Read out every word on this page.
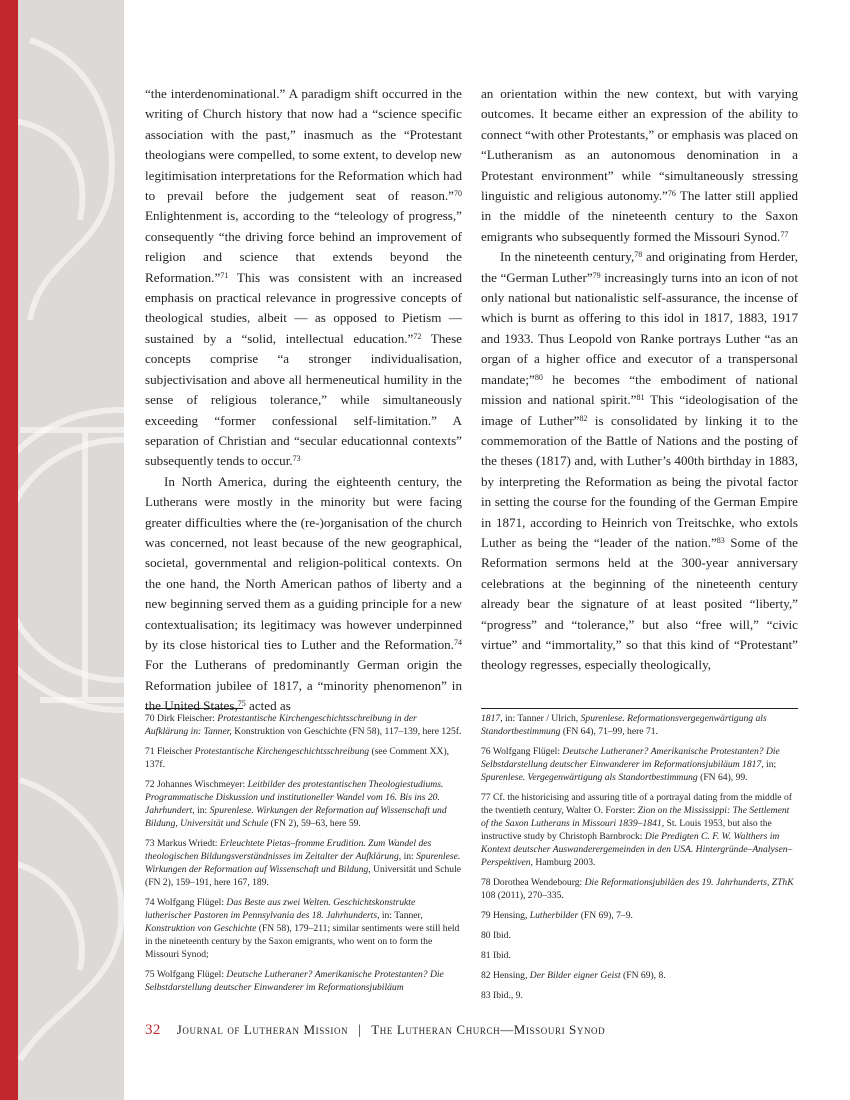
“the interdenominational.” A paradigm shift occurred in the writing of Church history that now had a “science specific association with the past,” inasmuch as the “Protestant theologians were compelled, to some extent, to develop new legitimisation interpretations for the Reformation which had to prevail before the judgement seat of reason.”$^{70}$ Enlightenment is, according to the “teleology of progress,” consequently “the driving force behind an improvement of religion and science that extends beyond the Reformation.”$^{71}$ This was consistent with an increased emphasis on practical relevance in progressive concepts of theological studies, albeit — as opposed to Pietism — sustained by a “solid, intellectual education.”$^{72}$ These concepts comprise “a stronger individualisation, subjectivisation and above all hermeneutical humility in the sense of religious tolerance,” while simultaneously exceeding “former confessional self-limitation.” A separation of Christian and “secular educationnal contexts” subsequently tends to occur.$^{73}$

In North America, during the eighteenth century, the Lutherans were mostly in the minority but were facing greater difficulties where the (re-)organisation of the church was concerned, not least because of the new geographical, societal, governmental and religion-political contexts. On the one hand, the North American pathos of liberty and a new beginning served them as a guiding principle for a new contextualisation; its legitimacy was however underpinned by its close historical ties to Luther and the Reformation.$^{74}$ For the Lutherans of predominantly German origin the Reformation jubilee of 1817, a “minority phenomenon” in the United States,$^{75}$ acted as

an orientation within the new context, but with varying outcomes. It became either an expression of the ability to connect “with other Protestants,” or emphasis was placed on “Lutheranism as an autonomous denomination in a Protestant environment” while “simultaneously stressing linguistic and religious autonomy.”$^{76}$ The latter still applied in the middle of the nineteenth century to the Saxon emigrants who subsequently formed the Missouri Synod.$^{77}$

In the nineteenth century,$^{78}$ and originating from Herder, the “German Luther”$^{79}$ increasingly turns into an icon of not only national but nationalistic self-assurance, the incense of which is burnt as offering to this idol in 1817, 1883, 1917 and 1933. Thus Leopold von Ranke portrays Luther “as an organ of a higher office and executor of a transpersonal mandate;”$^{80}$ he becomes “the embodiment of national mission and national spirit.”$^{81}$ This “ideologisation of the image of Luther”$^{82}$ is consolidated by linking it to the commemoration of the Battle of Nations and the posting of the theses (1817) and, with Luther’s 400th birthday in 1883, by interpreting the Reformation as being the pivotal factor in setting the course for the founding of the German Empire in 1871, according to Heinrich von Treitschke, who extols Luther as being the “leader of the nation.”$^{83}$ Some of the Reformation sermons held at the 300-year anniversary celebrations at the beginning of the nineteenth century already bear the signature of at least posited “liberty,” “progress” and “tolerance,” but also “free will,” “civic virtue” and “immortality,” so that this kind of “Protestant” theology regresses, especially theologically,

70 Dirk Fleischer: Protestantische Kirchengeschichtsschreibung in der Aufklärung in: Tanner, Konstruktion von Geschichte (FN 58), 117–139, here 125f.

71 Fleischer Protestantische Kirchengeschichtsschreibung (see Comment XX), 137f.

72 Johannes Wischmeyer: Leitbilder des protestantischen Theologiestudiums. Programmatische Diskussion und institutioneller Wandel vom 16. Bis ins 20. Jahrhundert, in: Spurenlese. Wirkungen der Reformation auf Wissenschaft und Bildung, Universität und Schule (FN 2), 59–63, here 59.

73 Markus Wriedt: Erleuchtete Pietas–fromme Erudition. Zum Wandel des theologischen Bildungsverständnisses im Zeitalter der Aufklärung, in: Spurenlese. Wirkungen der Reformation auf Wissenschaft und Bildung, Universität und Schule (FN 2), 159–191, here 167, 189.

74 Wolfgang Flügel: Das Beste aus zwei Welten. Geschichtskonstrukte lutherischer Pastoren im Pennsylvania des 18. Jahrhunderts, in: Tanner, Konstruktion von Geschichte (FN 58), 179–211; similar sentiments were still held in the nineteenth century by the Saxon emigrants, who went on to form the Missouri Synod;

75 Wolfgang Flügel: Deutsche Lutheraner? Amerikanische Protestanten? Die Selbstdarstellung deutscher Einwanderer im Reformationsjubiläum

1817, in: Tanner / Ulrich, Spurenlese. Reformationsvergegenwärtigung als Standortbestimmung (FN 64), 71–99, here 71.

76 Wolfgang Flügel: Deutsche Lutheraner? Amerikanische Protestanten? Die Selbstdarstellung deutscher Einwanderer im Reformationsjubiläum 1817, in; Spurenlese. Vergegenwärtigung als Standortbestimmung (FN 64), 99.

77 Cf. the historicising and assuring title of a portrayal dating from the middle of the twentieth century, Walter O. Forster: Zion on the Mississippi: The Settlement of the Saxon Lutherans in Missouri 1839–1841, St. Louis 1953, but also the instructive study by Christoph Barnbrock: Die Predigten C. F. W. Walthers im Kontext deutscher Auswanderergemeinden in den USA. Hintergründe–Analysen–Perspektiven, Hamburg 2003.

78 Dorothea Wendebourg: Die Reformationsjubiläen des 19. Jahrhunderts, ZThK 108 (2011), 270–335.

79 Hensing, Lutherbilder (FN 69), 7–9.

80 Ibid.

81 Ibid.

82 Hensing, Der Bilder eigner Geist (FN 69), 8.

83 Ibid., 9.

32 Journal of Lutheran Mission | The Lutheran Church—Missouri Synod
